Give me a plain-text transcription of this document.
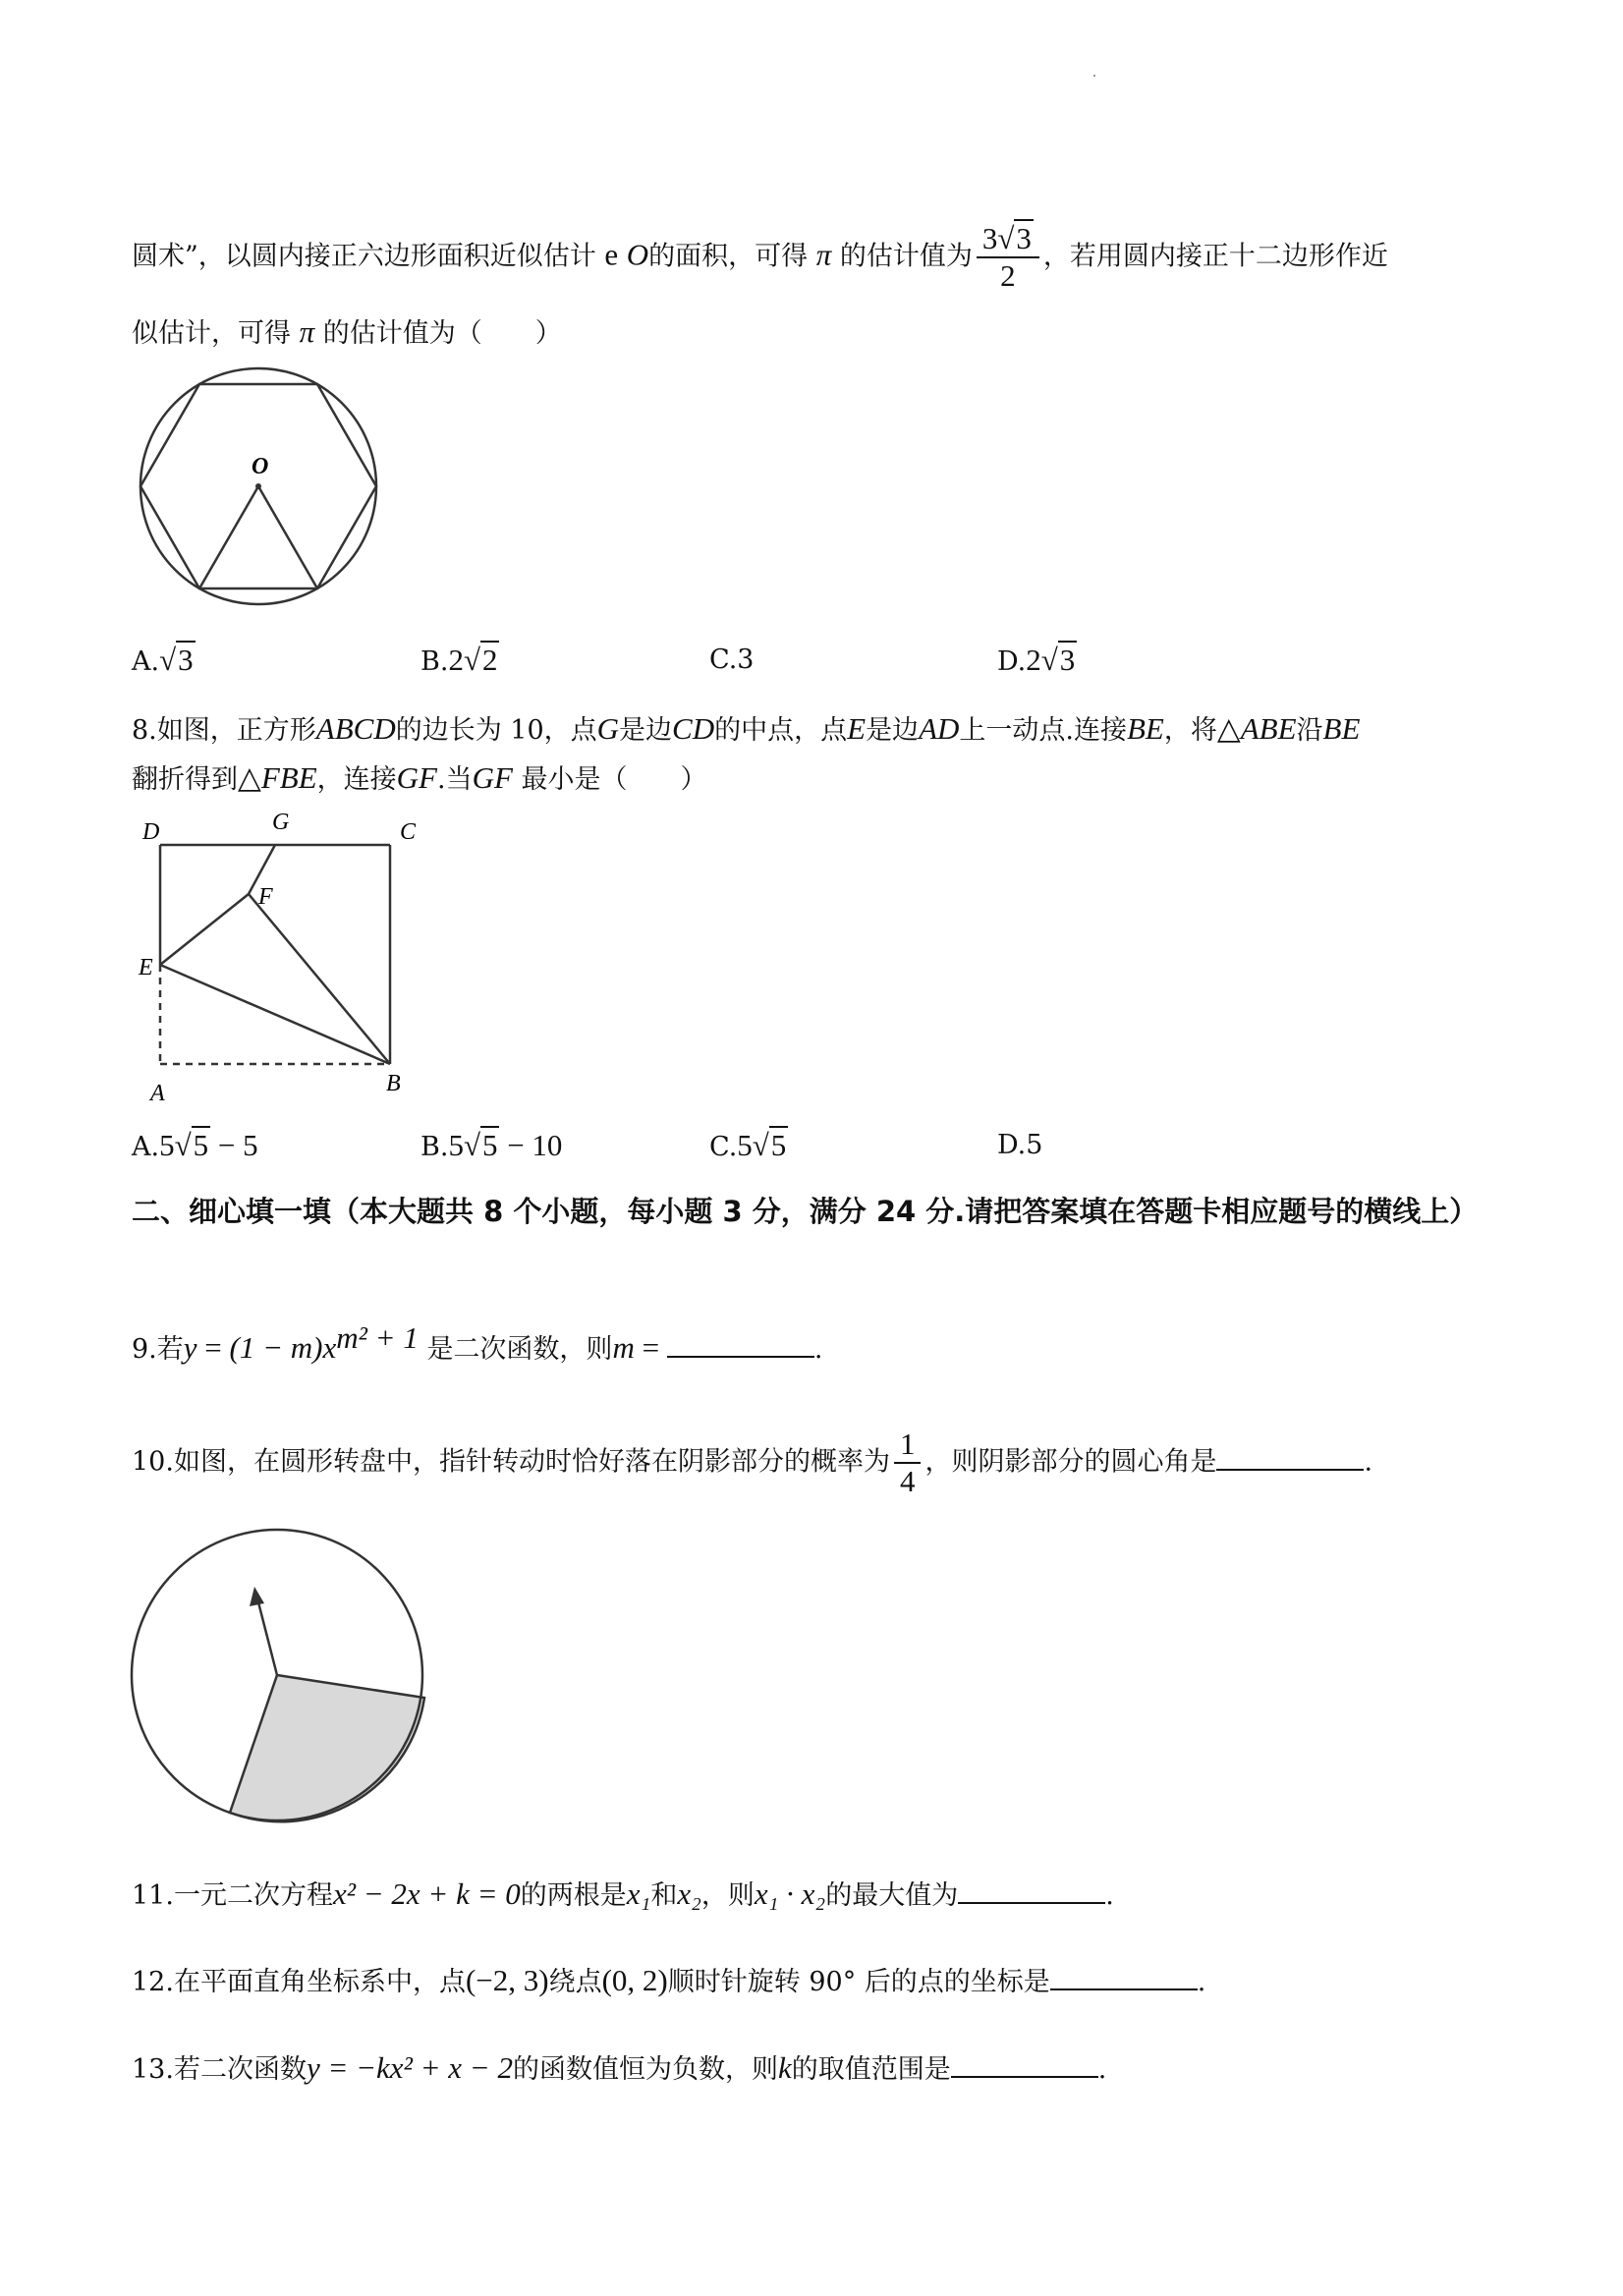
圆术”，以圆内接正六边形面积近似估计 e O的面积，可得 π 的估计值为 $\frac{3√3}{2}$ ，若用圆内接正十二边形作近
似估计，可得 π 的估计值为（　　）
O
A.√3	B.2√2	C.3	D.2√3
8.如图，正方形ABCD的边长为 10，点G是边CD的中点，点E是边AD上一动点.连接BE，将△ABE沿BE
翻折得到△FBE，连接GF.当GF 最小是（　　）
D	G	C
F
E
A	B
A.5√5 − 5	B.5√5 − 10	C.5√5	D.5
二、细心填一填（本大题共 8 个小题，每小题 3 分，满分 24 分.请把答案填在答题卡相应题号的横线上）
9.若$y = (1 - m)x^{m^2 + 1}$ 是二次函数，则m =	.
10.如图，在圆形转盘中，指针转动时恰好落在阴影部分的概率为 $\frac{1}{4}$ ，则阴影部分的圆心角是	.
11.一元二次方程x² − 2x + k = 0的两根是x₁和x₂，则x₁ · x₂的最大值为	.
12.在平面直角坐标系中，点(−2, 3)绕点(0, 2)顺时针旋转 90° 后的点的坐标是	.
13.若二次函数y = −kx² + x − 2的函数值恒为负数，则k的取值范围是	.
